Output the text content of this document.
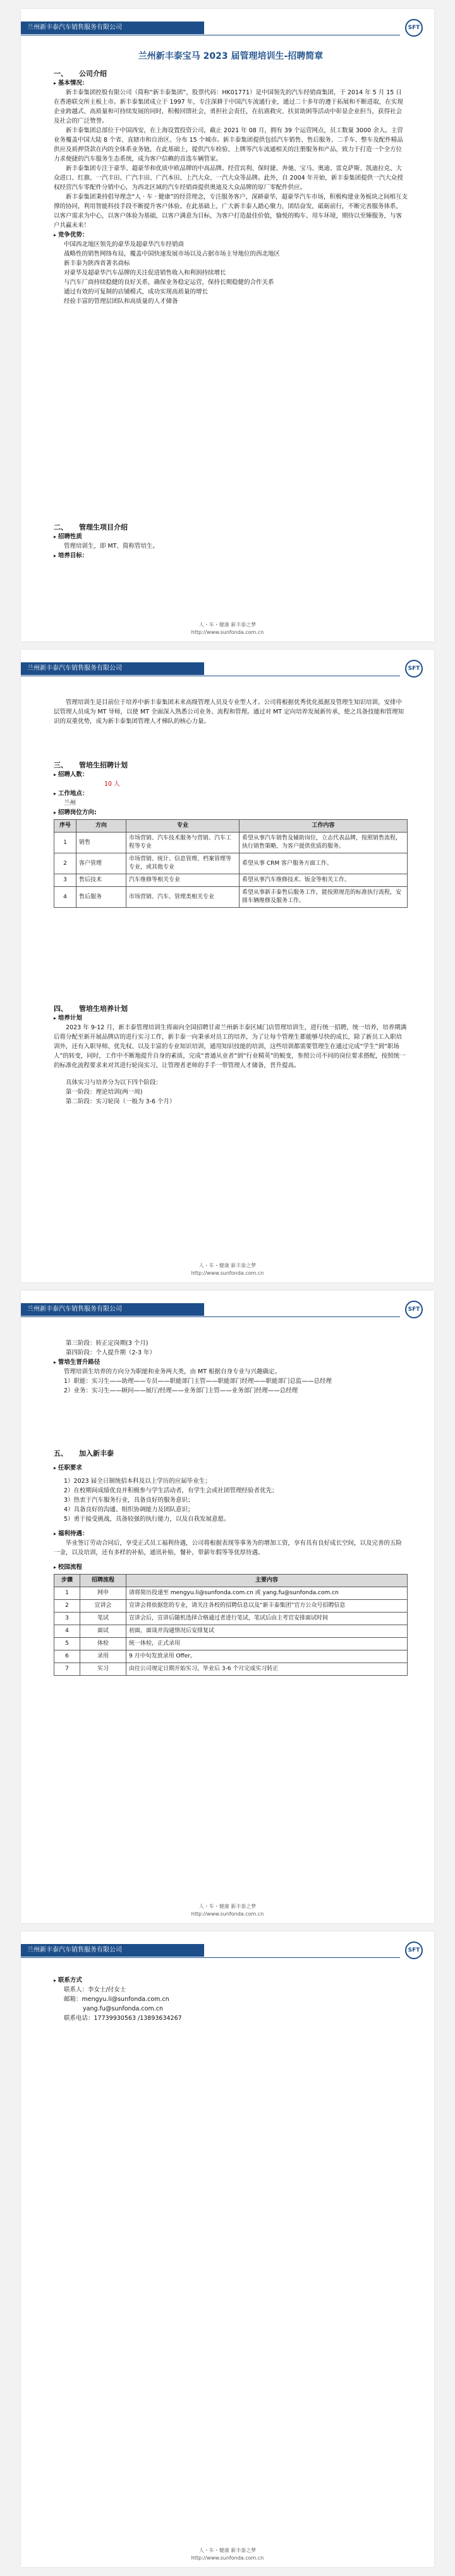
兰州新丰泰汽车销售服务有限公司	SFT
兰州新丰泰宝马 2023 届管理培训生-招聘简章
一、 公司介绍
▸ 基本情况：

新丰泰集团控股有限公司（简称“新丰泰集团”，股票代码：HK01771）是中国领先的汽车经销商集团，于 2014 年 5 月 15 日在香港联交所主板上市。新丰泰集团成立于 1997 年，专注深耕于中国汽车流通行业，通过二十多年的遵于拓展和不断进取，在实现企业跨越式、高质量和可持续发展的同时，积极回馈社会，勇担社会责任，在抗震救灾、扶贫助困等活动中彰显企业担当，获得社会及社会的广泛赞誉。

新丰泰集团总部位于中国西安，在上海设置投资公司，截止 2021 年 08 月，拥有 39 个运营网点，员工数量 3000 余人。主营业务覆盖中国大陆 8 个省、直辖市和自治区、分布 15 个城市。新丰泰集团提供包括汽车销售、售后服务、二手车、整车及配件精品供应及质押贷款在内的全体系业务链，在此基础上，提供汽车检验、上牌等汽车流通相关的注册服务和产品，致力于打造一个全方位力求便捷的汽车服务生态系统，成为客户信赖的首选车辆管家。

新丰泰集团专注于豪华、超豪华和优质中欧品牌的中高品牌。经营宾利、保时捷、奔驰、宝马、奥迪、雷克萨斯、凯迪拉克、大众进口、红旗、一汽丰田、广汽丰田、广汽本田、上汽大众、一汽大众等品牌。此外，自 2004 年开始，新丰泰集团提供一汽大众授权经营汽车零配件分销中心，为西北区域的汽车经销商提供奥迪及大众品牌的原厂零配件供应。

新丰泰集团秉持倡导理念“人 · 车 · 健康”的经营理念，专注服务客户，深耕豪华，超豪华汽车市场，积极构建业务板块之间相互支撑的协同，利用智能科技手段不断提升客户体验。在此基础上，广大新丰泰人踏心聚力，团结奋发，砥砺前行，不断完善服务体系，以客户需求为中心，以客户体验为基础，以客户满意为目标，为客户打造最佳价值，愉悦的购车、用车环境，期待以至臻服务，与客户共赢未来！

▸ 竞争优势：
中国西北地区领先的豪华及超豪华汽车经销商
战略性的销售网络布局，覆盖中国快速发展市场以及占据市场主导地位的西北地区
新丰泰为陕西省著名商标
对豪华及超豪华汽车品牌的关注促进销售收入和利润持续增长
与汽车厂商持续稳健的良好关系，确保业务稳定运营，保持长期稳健的合作关系
通过有效的可复制的店铺模式，成功实现高质量的增长
经验丰富的管理层团队和高质量的人才储备
二、 管理生项目介绍
▸ 招聘性质
管理培训生，即 MT、简称管培生。
▸ 培养目标：
人・车・健康 新丰泰之梦
http://www.sunfonda.com.cn
兰州新丰泰汽车销售服务有限公司	SFT

管理培训生是目前位于培养中新丰泰集团未来高级管理人员及专业型人才。公司将根据优秀优化抵据及管理生知识培训，安排中层管理人员成为 MT 导师，以使 MT 全面深入熟悉公司业务、流程和管理。通过对 MT 定向培养发展新传承，使之具备技能和管理知识的双重优势，成为新丰泰集团管理人才梯队的核心力量。

三、 管培生招聘计划
▸ 招聘人数：
10 人
▸ 工作地点：
兰州
▸ 招聘岗位方向:
序号	方向	专业	工作内容
1	销售	市场营销、汽车技术服务与营销、汽车工程等专业	希望从事汽车销售及辅助岗位，立志代表品牌，按照销售流程，执行销售策略，为客户提供优质的服务。
2	客户管理	市场营销、统计、信息管理、档案管理等专业，或其他专业	希望从事 CRM 客户服务方面工作。
3	售后技术	汽车维修等相关专业	希望从事汽车维修技术、钣金等相关工作。
4	售后服务	市场营销、汽车、管理类相关专业	希望从事新丰泰售后服务工作，能按照规范的标准执行流程，安排车辆维修及服务工作。
四、 管培生培养计划
▸ 培养计划

2023 年 9-12 月，新丰泰管理培训生将面向全国招聘甘肃兰州新丰泰区域门店管理培训生，进行统一招聘，统一培养，培养期满后将分配至新开展品牌店的进行实习工作，新丰泰一向秉承对员工的培养，为了让每个管理生都能够尽快的成长，除了新员工入职培训外，还有入职导师、优先权、以及丰富的专业知识培训，通用知识技能的培训，这些培训都需要管理生在通过完成“学生”到“职场人”的转变，同时，工作中不断地提升自身的素质，完成“普通从业者”到“行业精英”的蜕变，参照公司不同的岗位要求搭配，按照统一的标准化流程要求来对其进行轮岗实习，让管理者老师的手手一带管理人才储备，晋升提高。

具体实习与培养分为以下四个阶段：

第一阶段：理论培训(两一周)

第二阶段：实习轮岗（一般为 3-6 个月）

人・车・健康 新丰泰之梦
http://www.sunfonda.com.cn
兰州新丰泰汽车销售服务有限公司	SFT

第三阶段：转正定岗期(3 个月)

第四阶段：个人提升期（2-3 年）

▸ 管培生晋升路径
管理培训生培养的方向分为职能和业务两大类，由 MT 根据自身专业与兴趣确定。
1）职能：实习生——助理——专员——职能部门主管——职能部门经理——职能部门总监——总经理
2）业务：实习生——顾问——展厅/经理——业务部门主管——业务部门经理——总经理
五、 加入新丰泰
▸ 任职要求
1）2023 届全日制统招本科及以上学历的应届毕业生；
2）在校期间成绩优良并积极参与学生活动者，有学生会或社团管理经验者优先；
3）热衷于汽车服务行业，具备良好的服务意识；
4）具备良好的沟通、组织协调能力及团队意识；
5）勇于接受挑战，具备较强的执行能力，以及自我发展意愿。
▸ 福利待遇：

毕业签订劳动合同后，享受正式员工福利待遇，公司将根据表现等事务为的增加工资，享有具有良好成长空间，以及完善的五险一金，以及培训，还有多样的补贴，通讯补贴，餐补，带薪年假等等优厚待遇。

▸ 校园流程
步骤	招聘流程	主要内容
1	网申	请将简历投递至 mengyu.li@sunfonda.com.cn 或 yang.fu@sunfonda.com.cn
2	宣讲会	宣讲会将依据您的专业，请关注各校的招聘信息以及“新丰泰集团”官方公众号招聘信息
3	笔试	宣讲会后，宣讲后随机选择合格通过者进行笔试，笔试后由主考官安排面试时间
4	面试	初面，面谈并沟通情况后安排复试
5	体检	统一体检，正式录用
6	录用	9 月中旬发放录用 Offer。
7	实习	由往公司规定日期开始实习，毕业后 3-6 个月完成实习转正
人・车・健康 新丰泰之梦
http://www.sunfonda.com.cn
兰州新丰泰汽车销售服务有限公司	SFT
▸ 联系方式
联系人：李女士/付女士
邮箱：mengyu.li@sunfonda.com.cn
yang.fu@sunfonda.com.cn
联系电话：17739930563 /13893634267
人・车・健康 新丰泰之梦
http://www.sunfonda.com.cn
